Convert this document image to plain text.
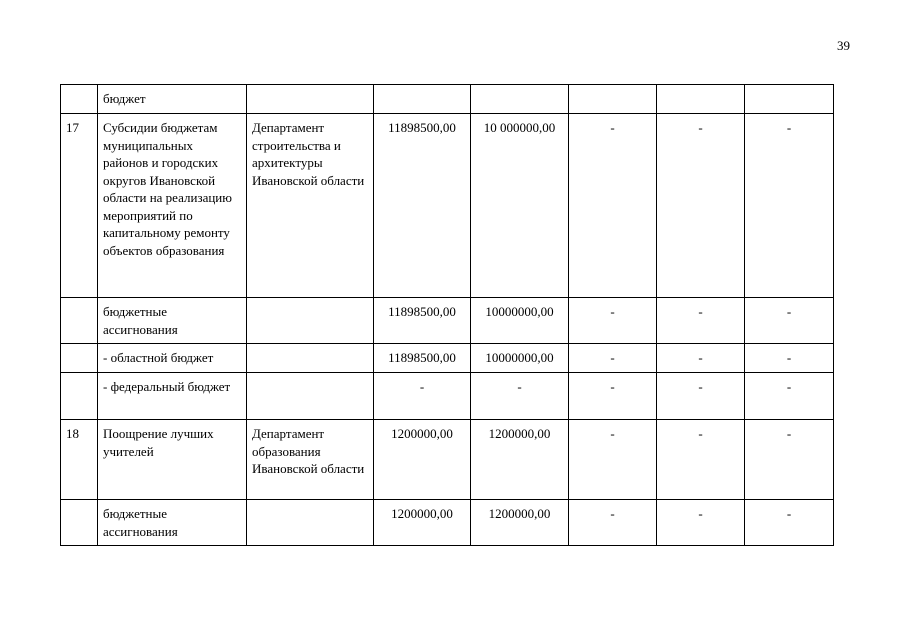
39
	бюджет						
17	Субсидии бюджетам муниципальных районов и городских округов Ивановской области на реализацию мероприятий по капитальному ремонту объектов образования	Департамент строительства и архитектуры Ивановской области	11898500,00	10 000000,00	-	-	-
	бюджетные ассигнования		11898500,00	10000000,00	-	-	-
	- областной бюджет		11898500,00	10000000,00	-	-	-
	- федеральный бюджет		-	-	-	-	-
18	Поощрение лучших учителей	Департамент образования Ивановской области	1200000,00	1200000,00	-	-	-
	бюджетные ассигнования		1200000,00	1200000,00	-	-	-
